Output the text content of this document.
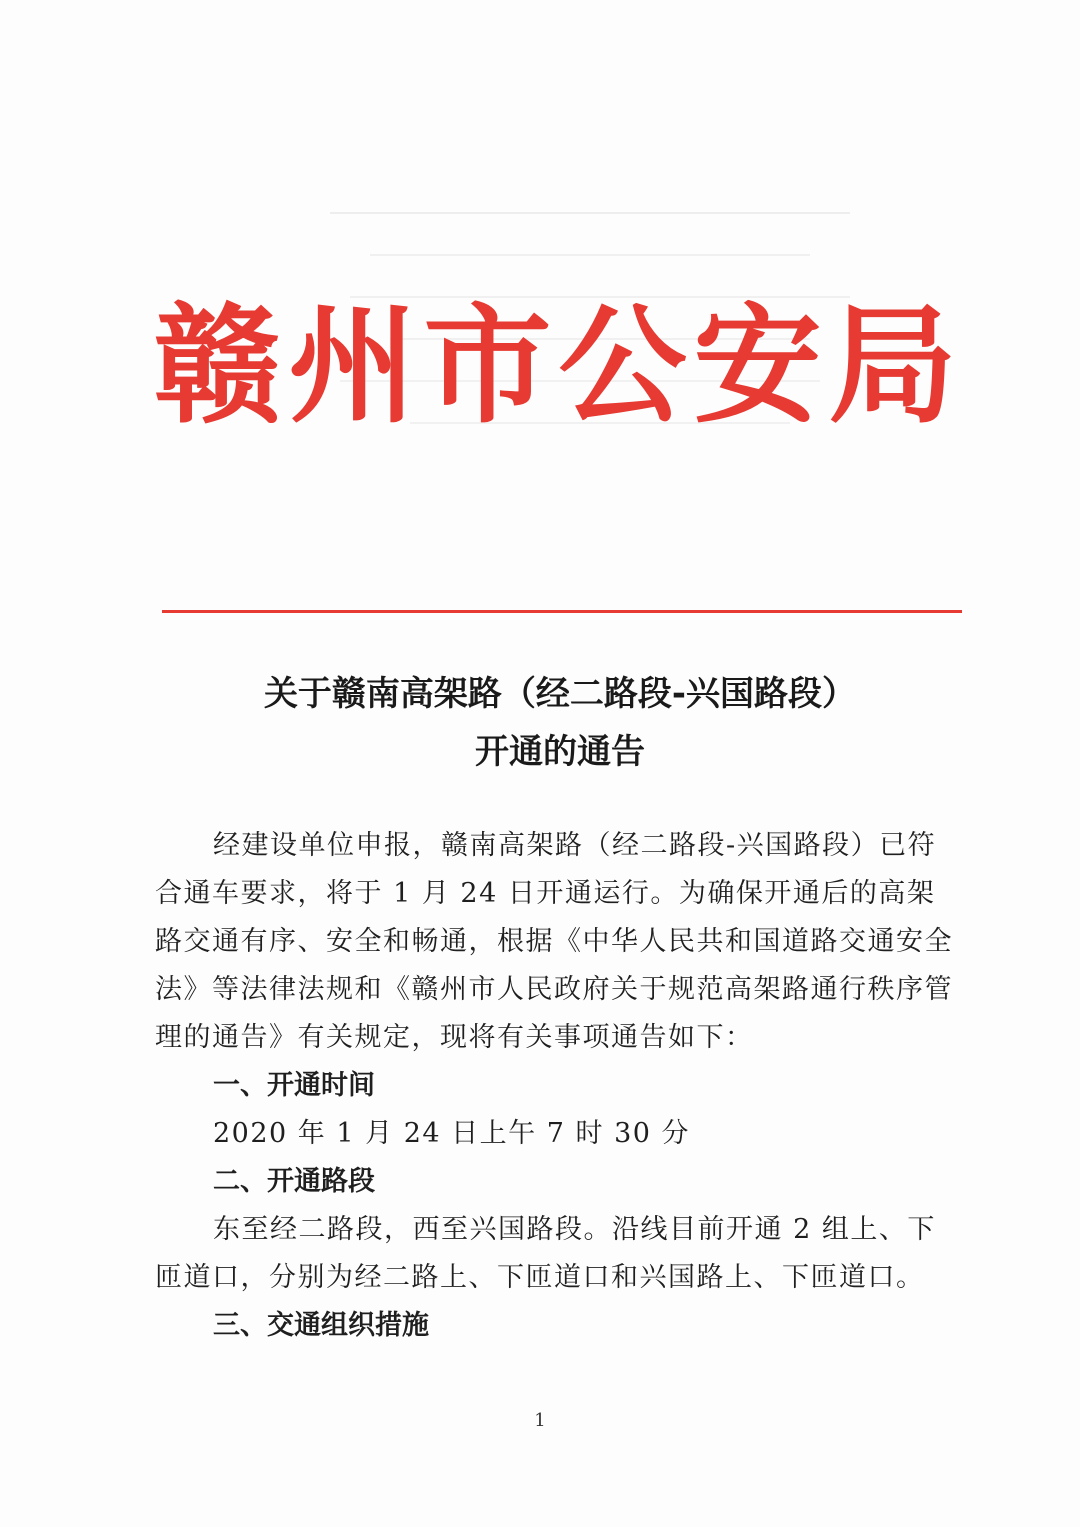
赣 州 市 公 安 局
关于赣南高架路（经二路段-兴国路段）
开通的通告

经建设单位申报，赣南高架路（经二路段-兴国路段）已符合通车要求，将于 1 月 24 日开通运行。为确保开通后的高架路交通有序、安全和畅通，根据《中华人民共和国道路交通安全法》等法律法规和《赣州市人民政府关于规范高架路通行秩序管理的通告》有关规定，现将有关事项通告如下：

一、开通时间

2020 年 1 月 24 日上午 7 时 30 分

二、开通路段

东至经二路段，西至兴国路段。沿线目前开通 2 组上、下匝道口，分别为经二路上、下匝道口和兴国路上、下匝道口。

三、交通组织措施

1
